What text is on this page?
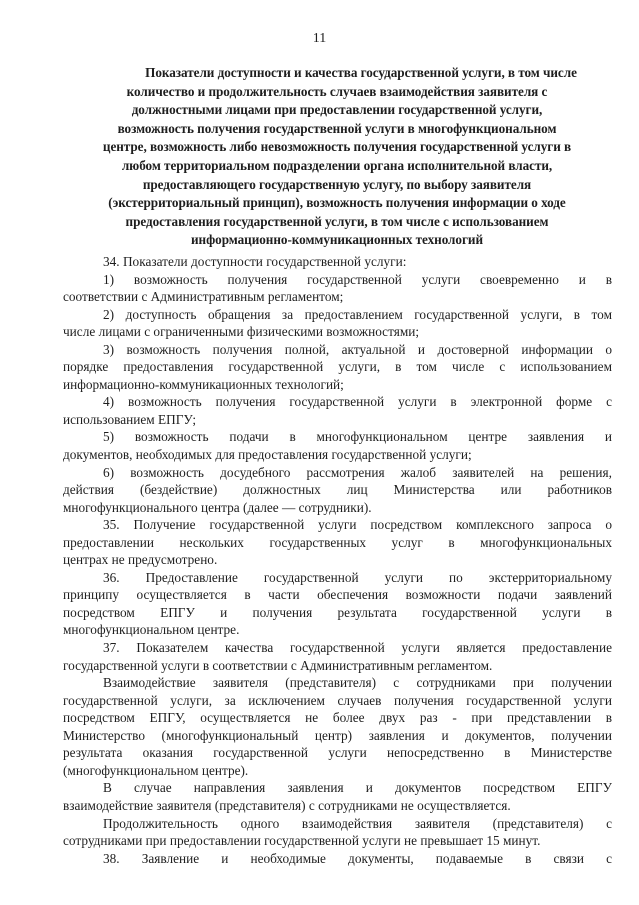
11
Показатели доступности и качества государственной услуги, в том числе
количество и продолжительность случаев взаимодействия заявителя с
должностными лицами при предоставлении государственной услуги,
возможность получения государственной услуги в многофункциональном
центре, возможность либо невозможность получения государственной услуги в
любом территориальном подразделении органа исполнительной власти,
предоставляющего государственную услугу, по выбору заявителя
(экстерриториальный принцип), возможность получения информации о ходе
предоставления государственной услуги, в том числе с использованием
информационно-коммуникационных технологий
34. Показатели доступности государственной услуги:
1) возможность получения государственной услуги своевременно и в
соответствии с Административным регламентом;
2) доступность обращения за предоставлением государственной услуги, в том
числе лицами с ограниченными физическими возможностями;
3) возможность получения полной, актуальной и достоверной информации о
порядке предоставления государственной услуги, в том числе с использованием
информационно-коммуникационных технологий;
4) возможность получения государственной услуги в электронной форме с
использованием ЕПГУ;
5) возможность подачи в многофункциональном центре заявления и
документов, необходимых для предоставления государственной услуги;
6) возможность досудебного рассмотрения жалоб заявителей на решения,
действия (бездействие) должностных лиц Министерства или работников
многофункционального центра (далее — сотрудники).
35. Получение государственной услуги посредством комплексного запроса о
предоставлении нескольких государственных услуг в многофункциональных
центрах не предусмотрено.
36. Предоставление государственной услуги по экстерриториальному
принципу осуществляется в части обеспечения возможности подачи заявлений
посредством ЕПГУ и получения результата государственной услуги в
многофункциональном центре.
37. Показателем качества государственной услуги является предоставление
государственной услуги в соответствии с Административным регламентом.
Взаимодействие заявителя (представителя) с сотрудниками при получении
государственной услуги, за исключением случаев получения государственной услуги
посредством ЕПГУ, осуществляется не более двух раз - при представлении в
Министерство (многофункциональный центр) заявления и документов, получении
результата оказания государственной услуги непосредственно в Министерстве
(многофункциональном центре).
В случае направления заявления и документов посредством ЕПГУ
взаимодействие заявителя (представителя) с сотрудниками не осуществляется.
Продолжительность одного взаимодействия заявителя (представителя) с
сотрудниками при предоставлении государственной услуги не превышает 15 минут.
38. Заявление и необходимые документы, подаваемые в связи с
